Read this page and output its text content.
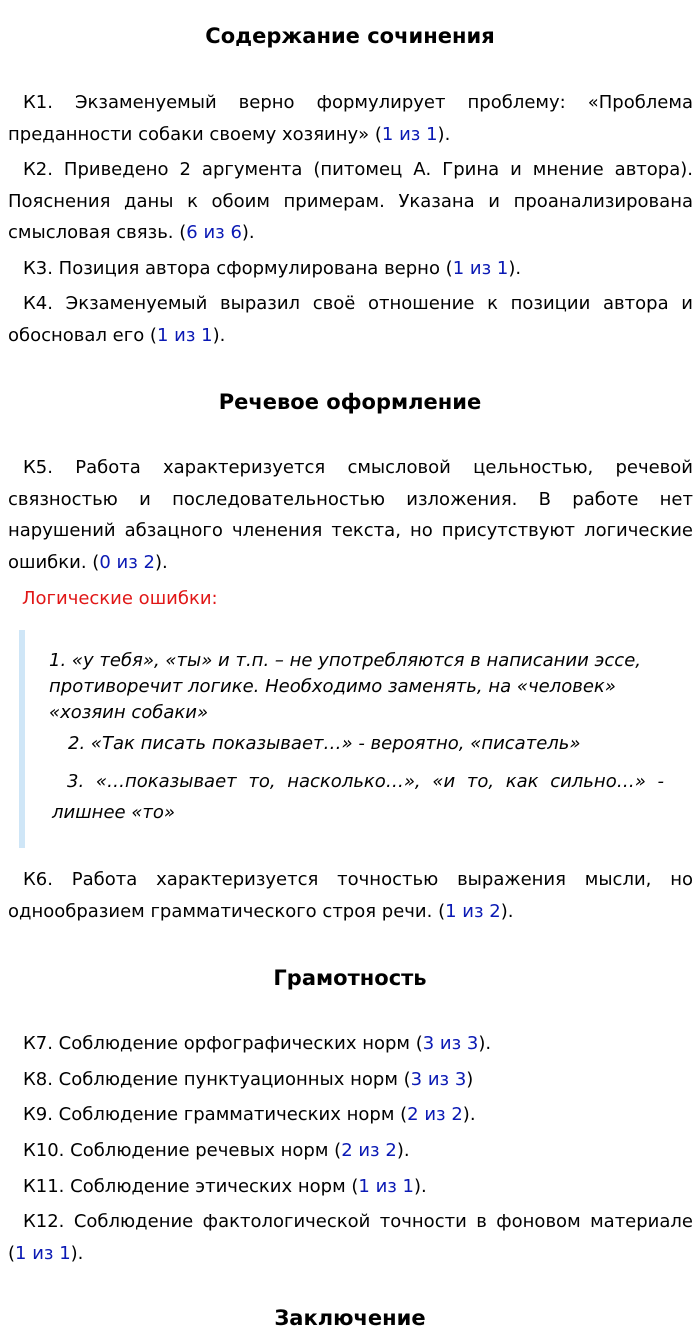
Содержание сочинения

К1. Экзаменуемый верно формулирует проблему: «Проблема преданности собаки своему хозяину» (1 из 1).

К2. Приведено 2 аргумента (питомец А. Грина и мнение автора). Пояснения даны к обоим примерам. Указана и проанализирована смысловая связь. (6 из 6).

К3. Позиция автора сформулирована верно (1 из 1).

К4. Экзаменуемый выразил своё отношение к позиции автора и обосновал его (1 из 1).

Речевое оформление

К5. Работа характеризуется смысловой цельностью, речевой связностью и последовательностью изложения. В работе нет нарушений абзацного членения текста, но присутствуют логические ошибки. (0 из 2).

Логические ошибки:

1. «у тебя», «ты» и т.п. – не употребляются в написании эссе, противоречит логике. Необходимо заменять, на «человек» «хозяин собаки»

2. «Так писать показывает…» - вероятно, «писатель»

3. «…показывает то, насколько…», «и то, как сильно…» - лишнее «то»

К6. Работа характеризуется точностью выражения мысли, но однообразием грамматического строя речи. (1 из 2).

Грамотность

К7. Соблюдение орфографических норм (3 из 3).

К8. Соблюдение пунктуационных норм (3 из 3)

К9. Соблюдение грамматических норм (2 из 2).

К10. Соблюдение речевых норм (2 из 2).

К11. Соблюдение этических норм (1 из 1).

К12. Соблюдение фактологической точности в фоновом материале (1 из 1).

Заключение
